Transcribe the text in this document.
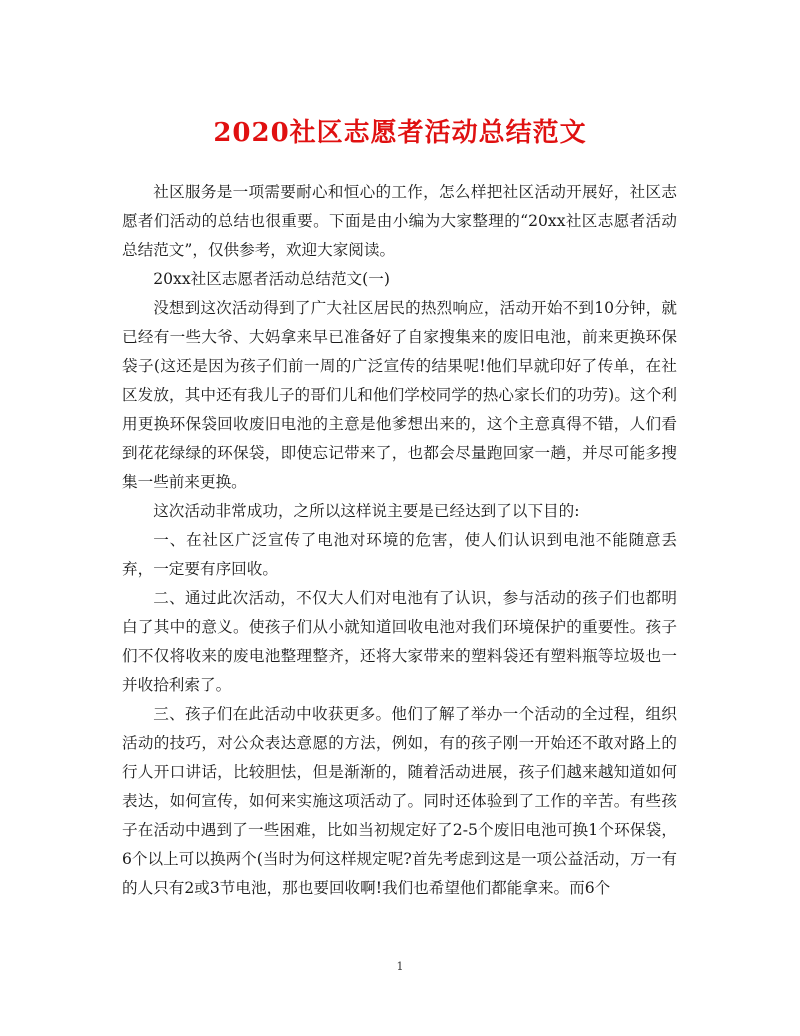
2020社区志愿者活动总结范文

社区服务是一项需要耐心和恒心的工作，怎么样把社区活动开展好，社区志愿者们活动的总结也很重要。下面是由小编为大家整理的“20xx社区志愿者活动总结范文”，仅供参考，欢迎大家阅读。

20xx社区志愿者活动总结范文(一)

没想到这次活动得到了广大社区居民的热烈响应，活动开始不到10分钟，就已经有一些大爷、大妈拿来早已准备好了自家搜集来的废旧电池，前来更换环保袋子(这还是因为孩子们前一周的广泛宣传的结果呢!他们早就印好了传单，在社区发放，其中还有我儿子的哥们儿和他们学校同学的热心家长们的功劳)。这个利用更换环保袋回收废旧电池的主意是他爹想出来的，这个主意真得不错，人们看到花花绿绿的环保袋，即使忘记带来了，也都会尽量跑回家一趟，并尽可能多搜集一些前来更换。

这次活动非常成功，之所以这样说主要是已经达到了以下目的:

一、在社区广泛宣传了电池对环境的危害，使人们认识到电池不能随意丢弃，一定要有序回收。

二、通过此次活动，不仅大人们对电池有了认识，参与活动的孩子们也都明白了其中的意义。使孩子们从小就知道回收电池对我们环境保护的重要性。孩子们不仅将收来的废电池整理整齐，还将大家带来的塑料袋还有塑料瓶等垃圾也一并收拾利索了。

三、孩子们在此活动中收获更多。他们了解了举办一个活动的全过程，组织活动的技巧，对公众表达意愿的方法，例如，有的孩子刚一开始还不敢对路上的行人开口讲话，比较胆怯，但是渐渐的，随着活动进展，孩子们越来越知道如何表达，如何宣传，如何来实施这项活动了。同时还体验到了工作的辛苦。有些孩子在活动中遇到了一些困难，比如当初规定好了2-5个废旧电池可换1个环保袋，6个以上可以换两个(当时为何这样规定呢?首先考虑到这是一项公益活动，万一有的人只有2或3节电池，那也要回收啊!我们也希望他们都能拿来。而6个

1
